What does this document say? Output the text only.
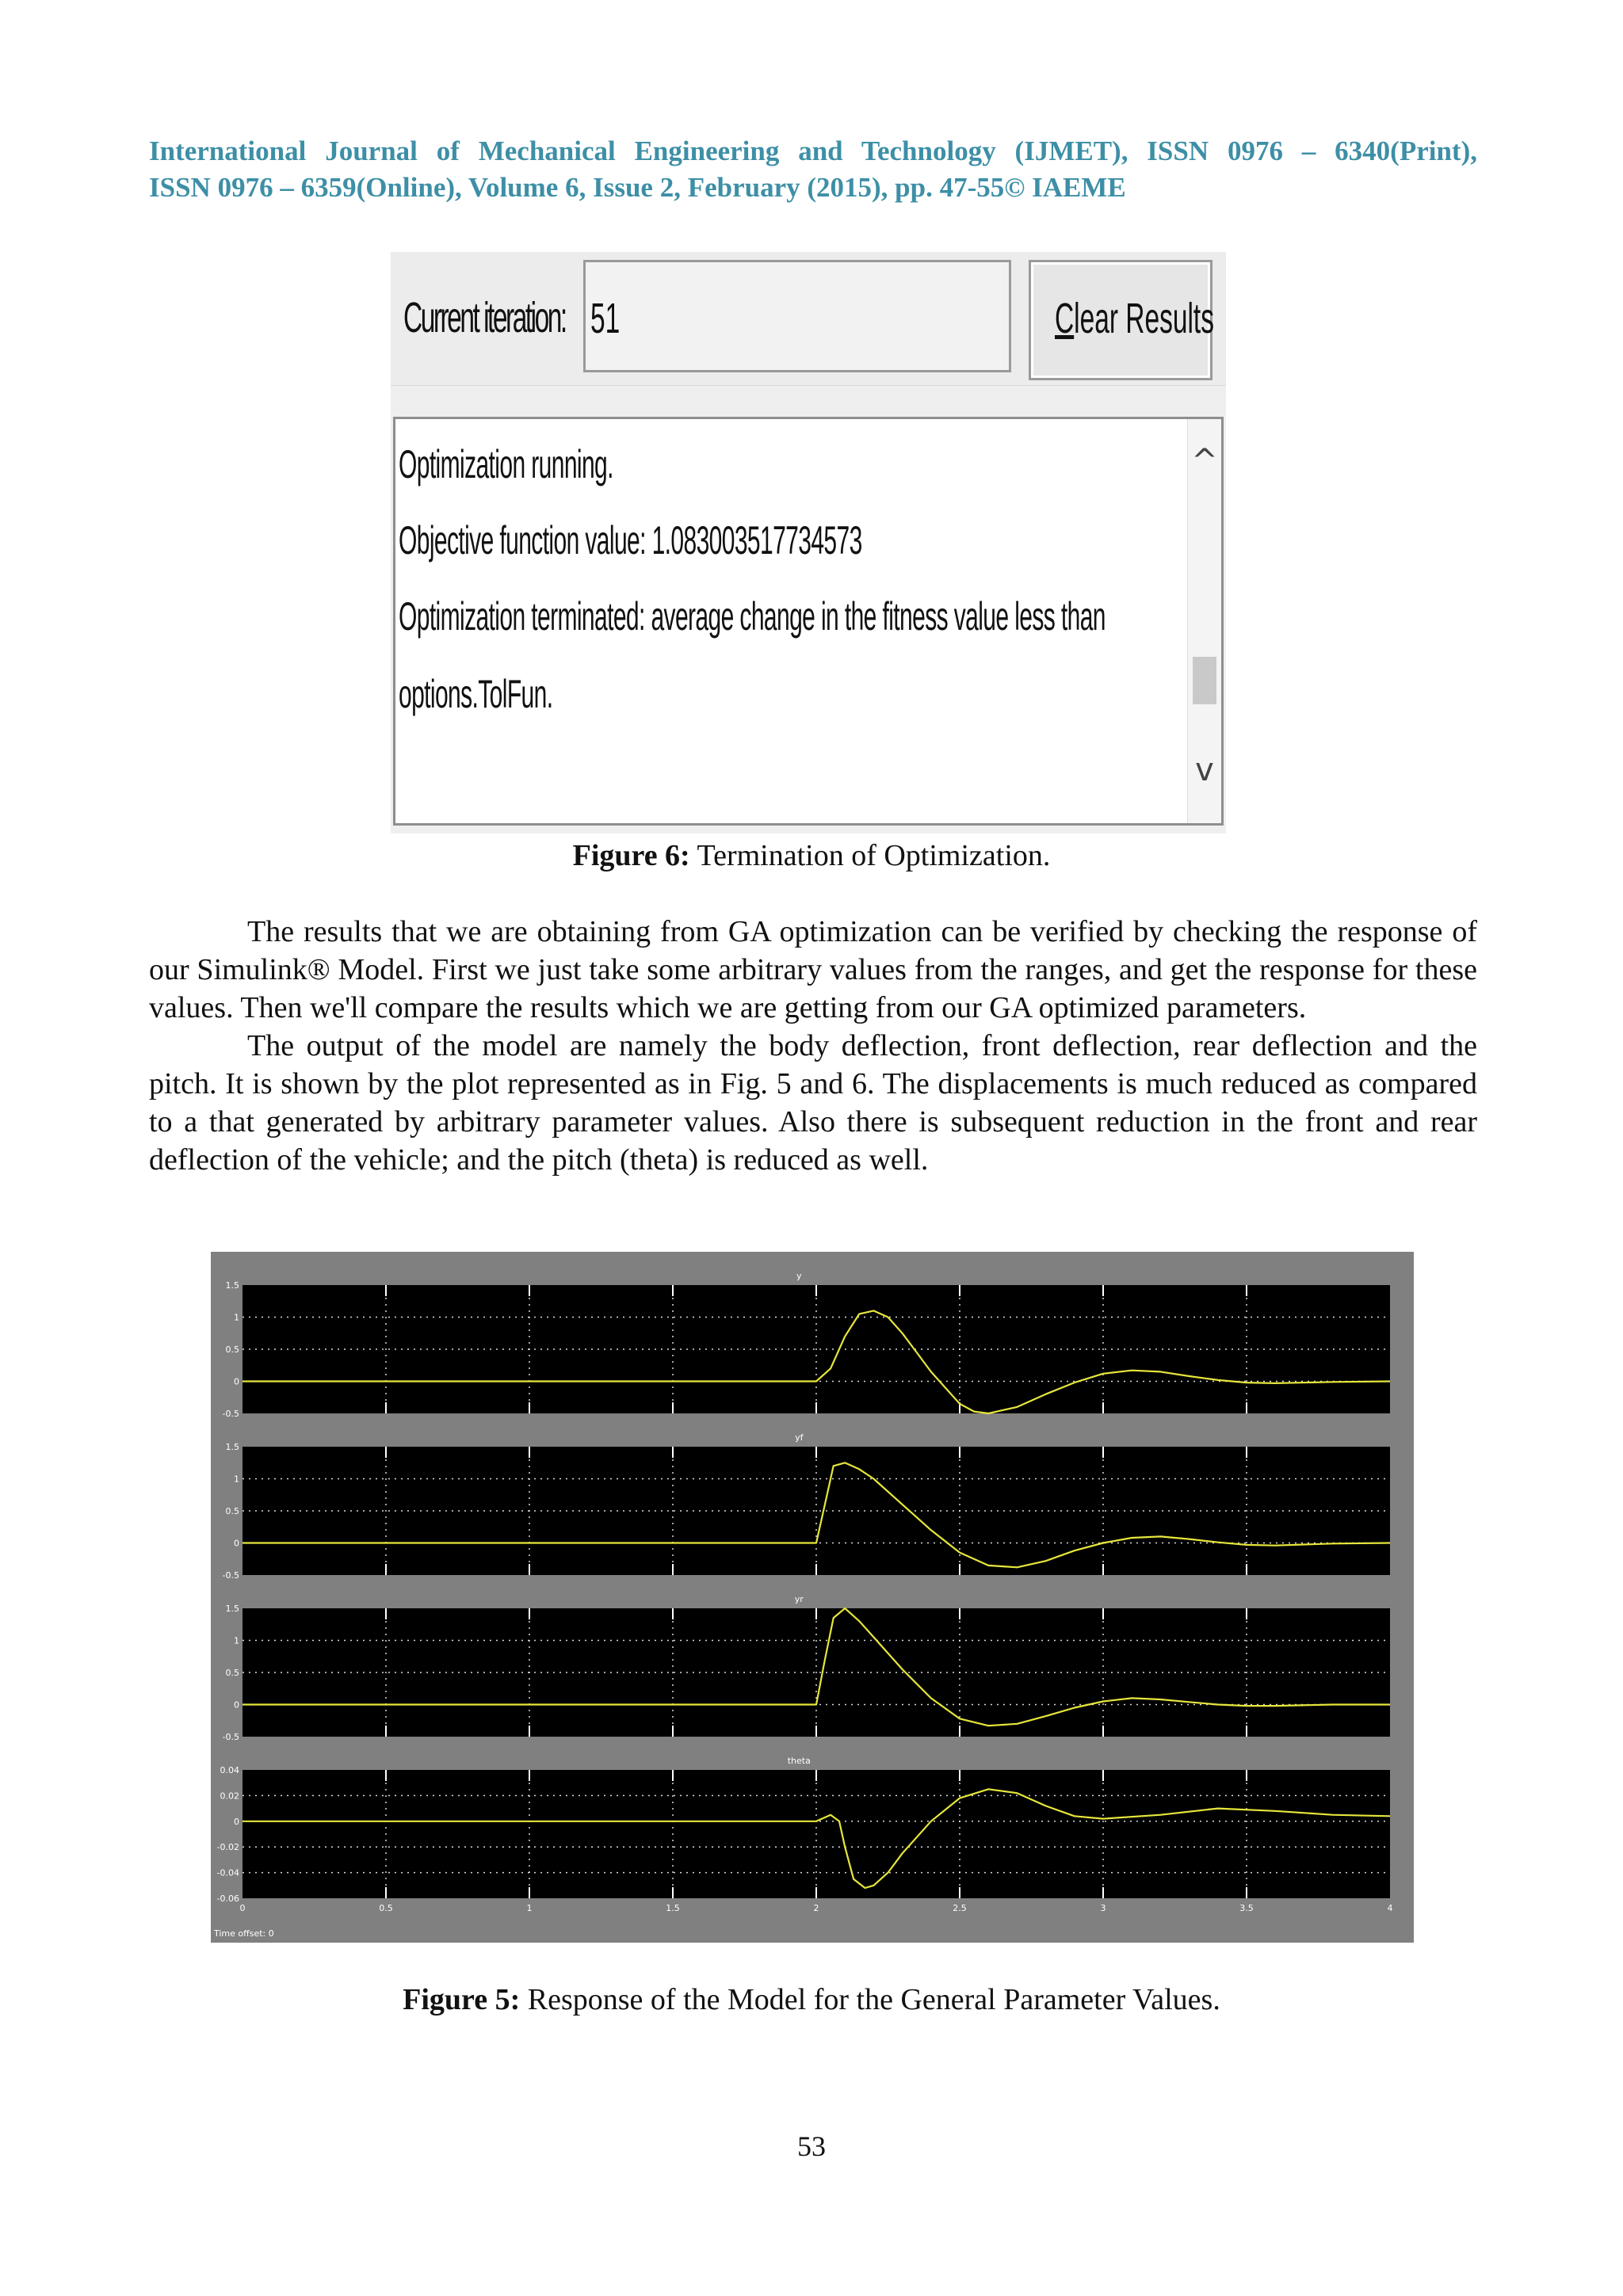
International Journal of Mechanical Engineering and Technology (IJMET), ISSN 0976 – 6340(Print),
ISSN 0976 – 6359(Online), Volume 6, Issue 2, February (2015), pp. 47-55© IAEME
Current iteration: 51	Clear Results
Optimization running.
Objective function value: 1.083003517734573
Optimization terminated: average change in the fitness value less than
options.TolFun.
^
v
Figure 6: Termination of Optimization.

The results that we are obtaining from GA optimization can be verified by checking the response of our Simulink® Model. First we just take some arbitrary values from the ranges, and get the response for these values. Then we'll compare the results which we are getting from our GA optimized parameters.

The output of the model are namely the body deflection, front deflection, rear deflection and the pitch. It is shown by the plot represented as in Fig. 5 and 6. The displacements is much reduced as compared to a that generated by arbitrary parameter values. Also there is subsequent reduction in the front and rear deflection of the vehicle; and the pitch (theta) is reduced as well.

y
1.5
1
0.5
0
-0.5
yf
1.5
1
0.5
0
-0.5
yr
1.5
1
0.5
0
-0.5
theta
0.04
0.02
0
-0.02
-0.04
-0.06
0	0.5	1	1.5	2	2.5	3	3.5	4
Time offset: 0
Figure 5: Response of the Model for the General Parameter Values.
53
